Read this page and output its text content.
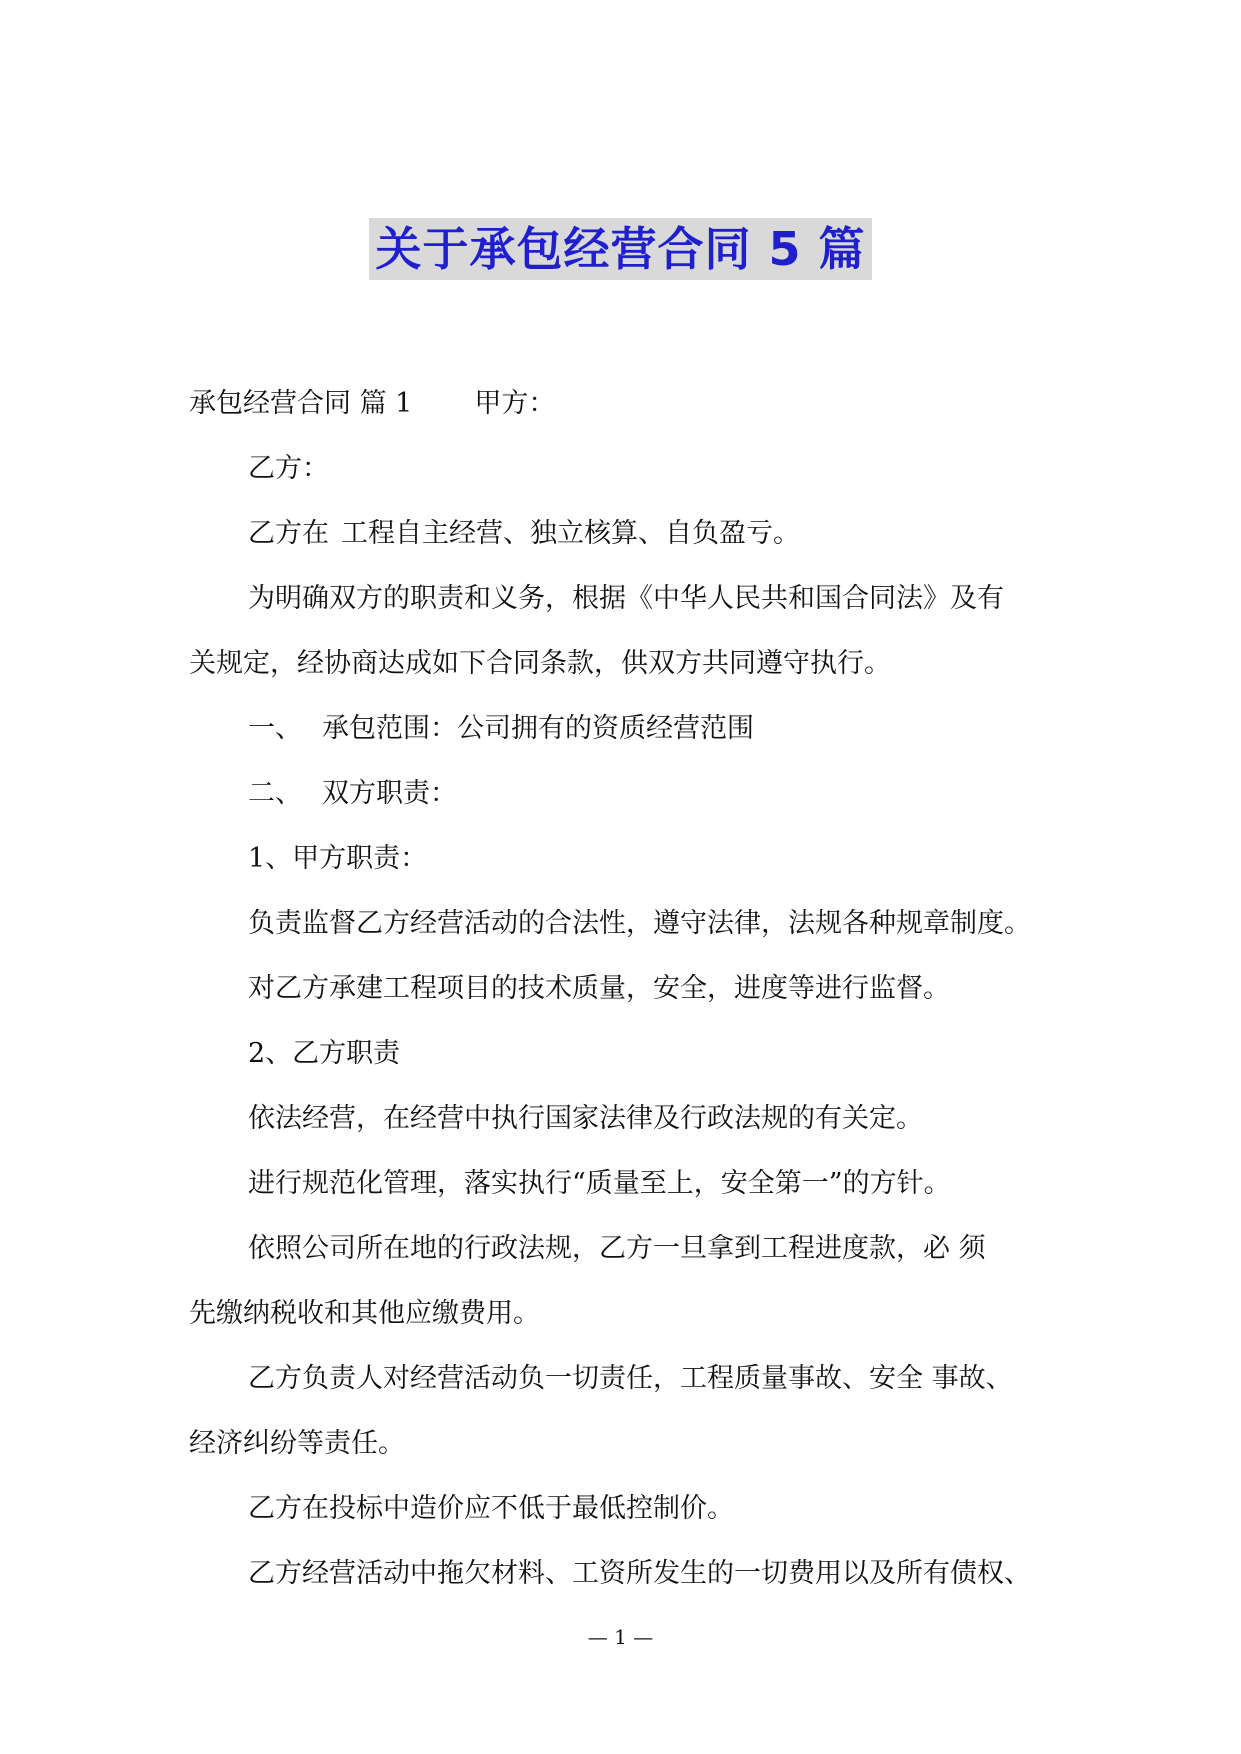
关于承包经营合同 5 篇
承包经营合同 篇 1 甲方：
乙方：
乙方在 工程自主经营、独立核算、自负盈亏。
为明确双方的职责和义务，根据《中华人民共和国合同法》及有
关规定，经协商达成如下合同条款，供双方共同遵守执行。
一、 承包范围：公司拥有的资质经营范围
二、 双方职责：
1、甲方职责：
负责监督乙方经营活动的合法性，遵守法律，法规各种规章制度。
对乙方承建工程项目的技术质量，安全，进度等进行监督。
2、乙方职责
依法经营，在经营中执行国家法律及行政法规的有关定。
进行规范化管理，落实执行“质量至上，安全第一”的方针。
依照公司所在地的行政法规，乙方一旦拿到工程进度款，必 须
先缴纳税收和其他应缴费用。
乙方负责人对经营活动负一切责任，工程质量事故、安全 事故、
经济纠纷等责任。
乙方在投标中造价应不低于最低控制价。
乙方经营活动中拖欠材料、工资所发生的一切费用以及所有债权、
— 1 —
